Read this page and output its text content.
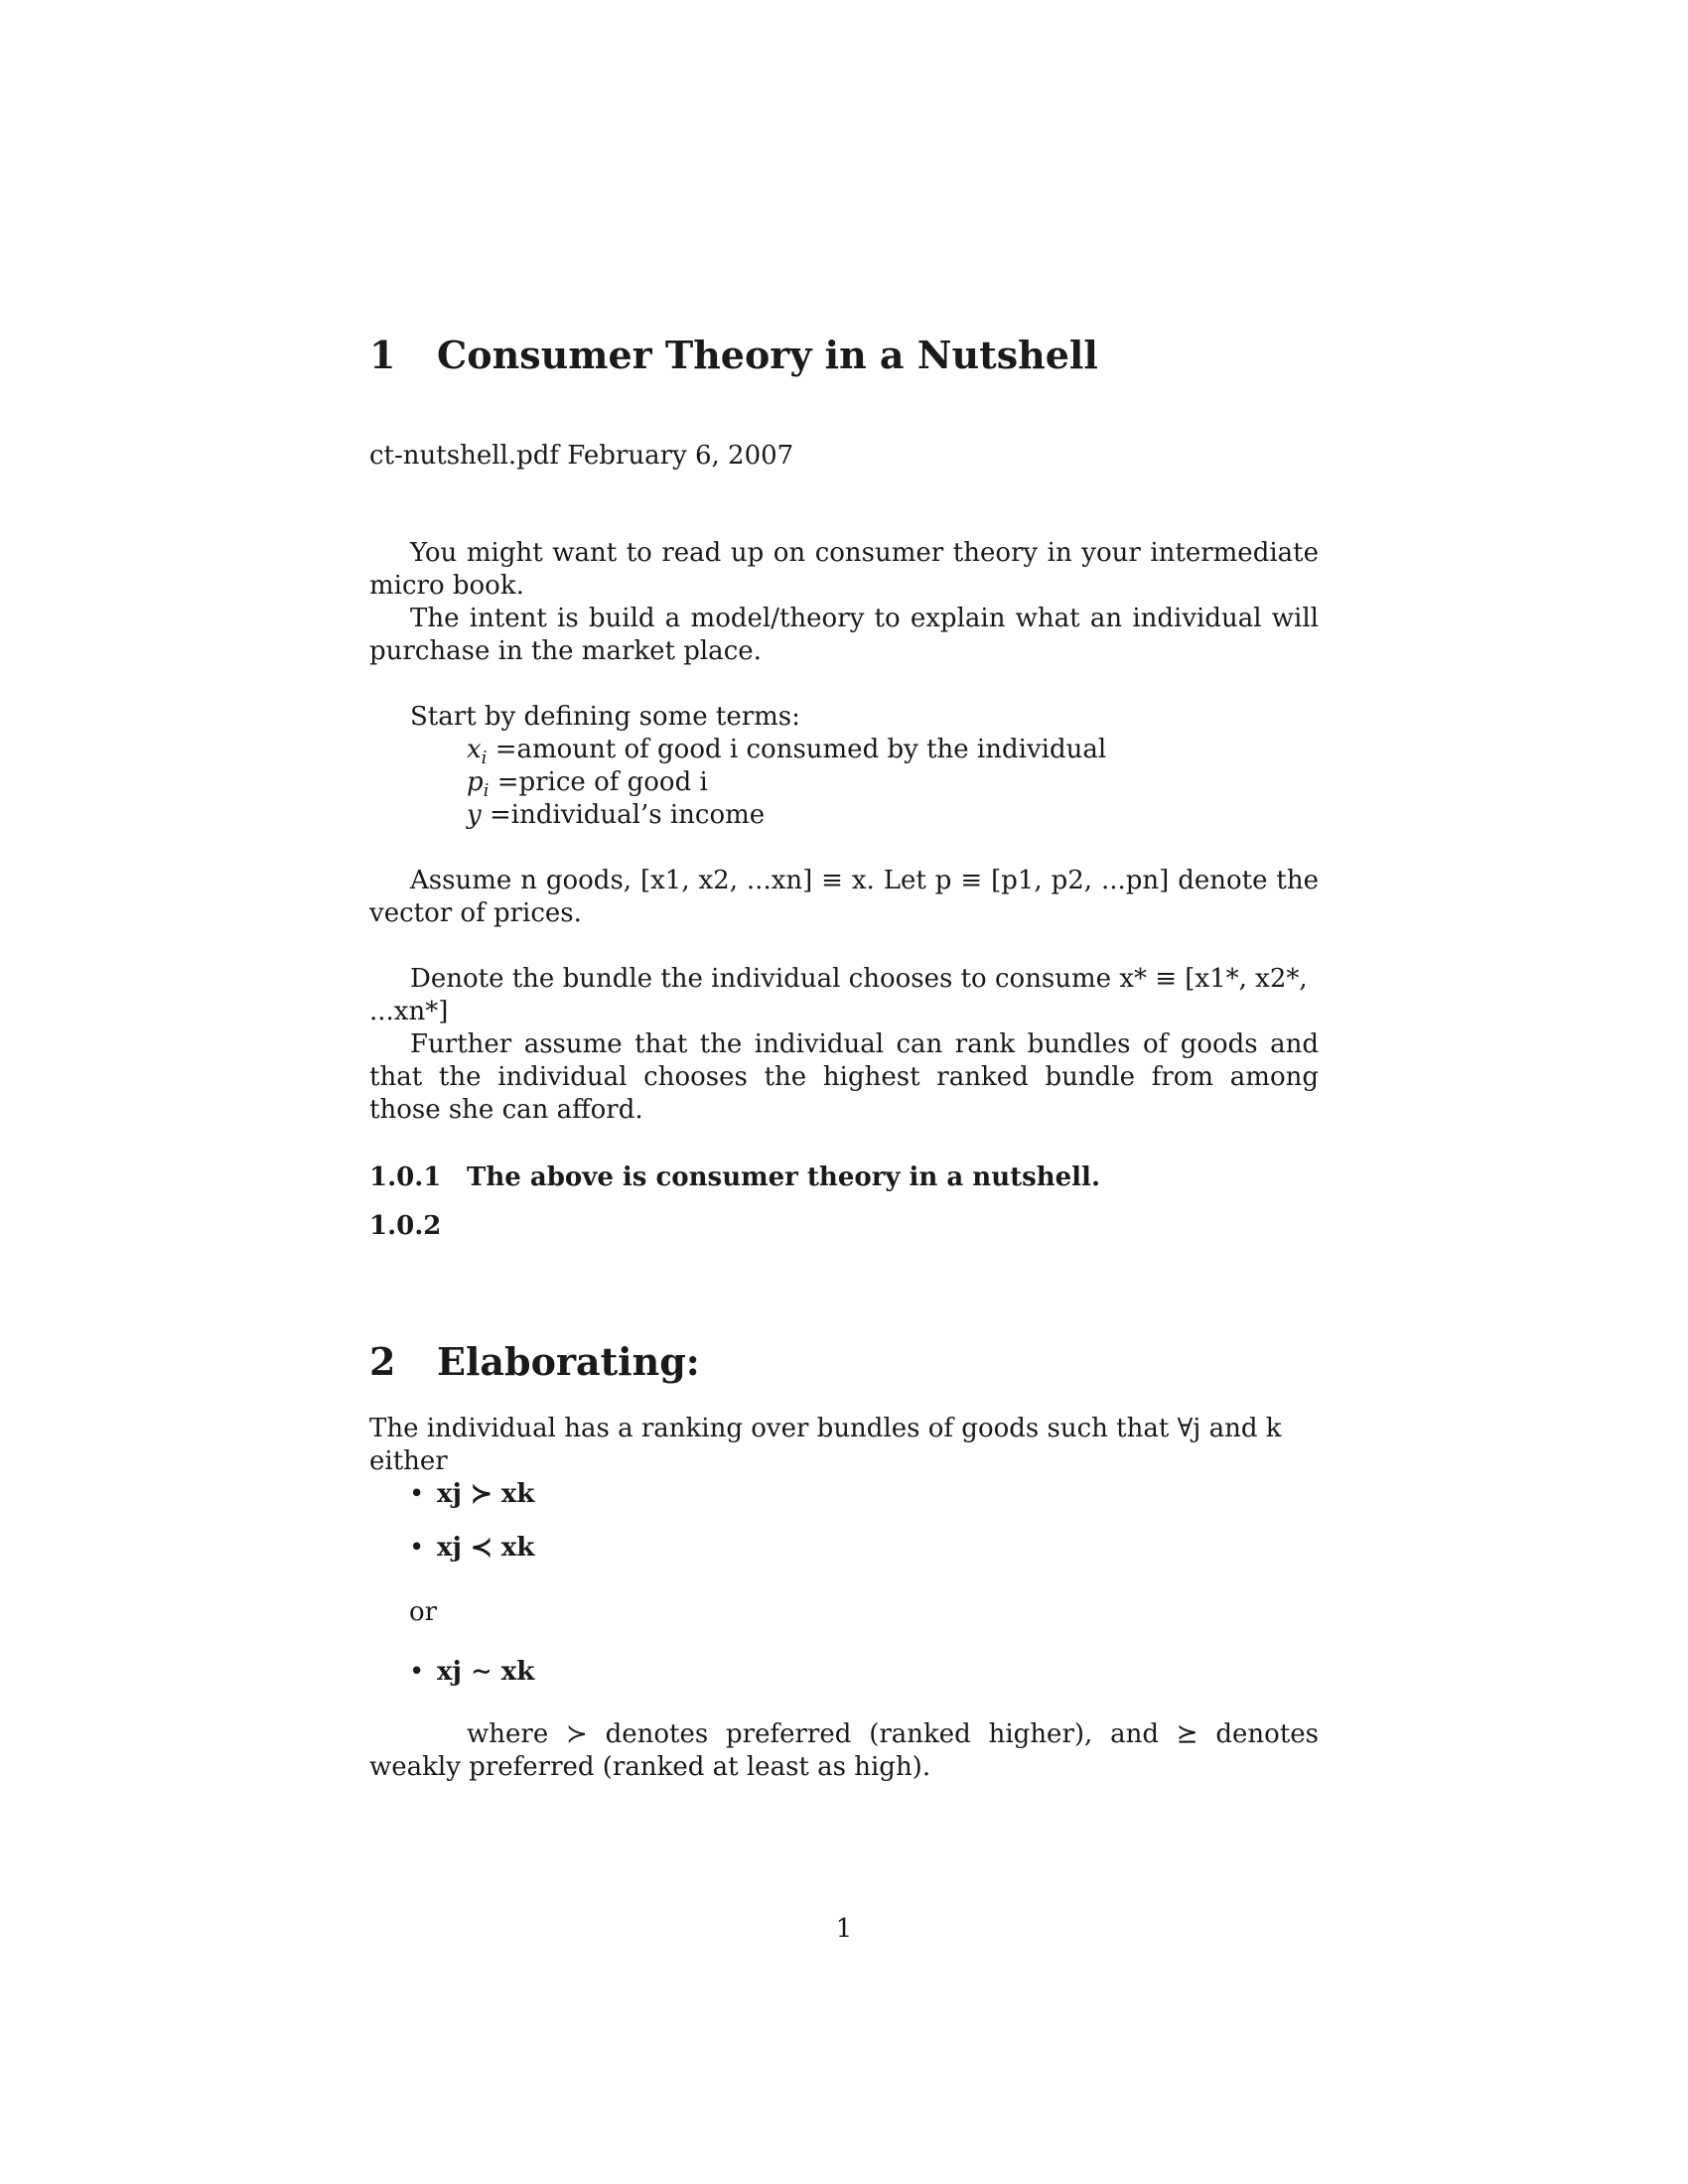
1 Consumer Theory in a Nutshell
ct-nutshell.pdf February 6, 2007
You might want to read up on consumer theory in your intermediate micro book.
The intent is build a model/theory to explain what an individual will purchase in the market place.
Start by defining some terms:
$x_i$ =amount of good i consumed by the individual
$p_i$ =price of good i
y =individual’s income
Assume n goods, [x1, x2, ...xn] ≡ x. Let p ≡ [p1, p2, ...pn] denote the vector of prices.
Denote the bundle the individual chooses to consume x* ≡ [x1*, x2*, ...xn*]
Further assume that the individual can rank bundles of goods and that the individual chooses the highest ranked bundle from among those she can afford.
1.0.1 The above is consumer theory in a nutshell.
1.0.2
2 Elaborating:
The individual has a ranking over bundles of goods such that ∀j and k either
• xj ≻ xk
• xj ≺ xk
or
• xj ∼ xk
where ≻ denotes preferred (ranked higher), and ⪰ denotes weakly preferred (ranked at least as high).
1
